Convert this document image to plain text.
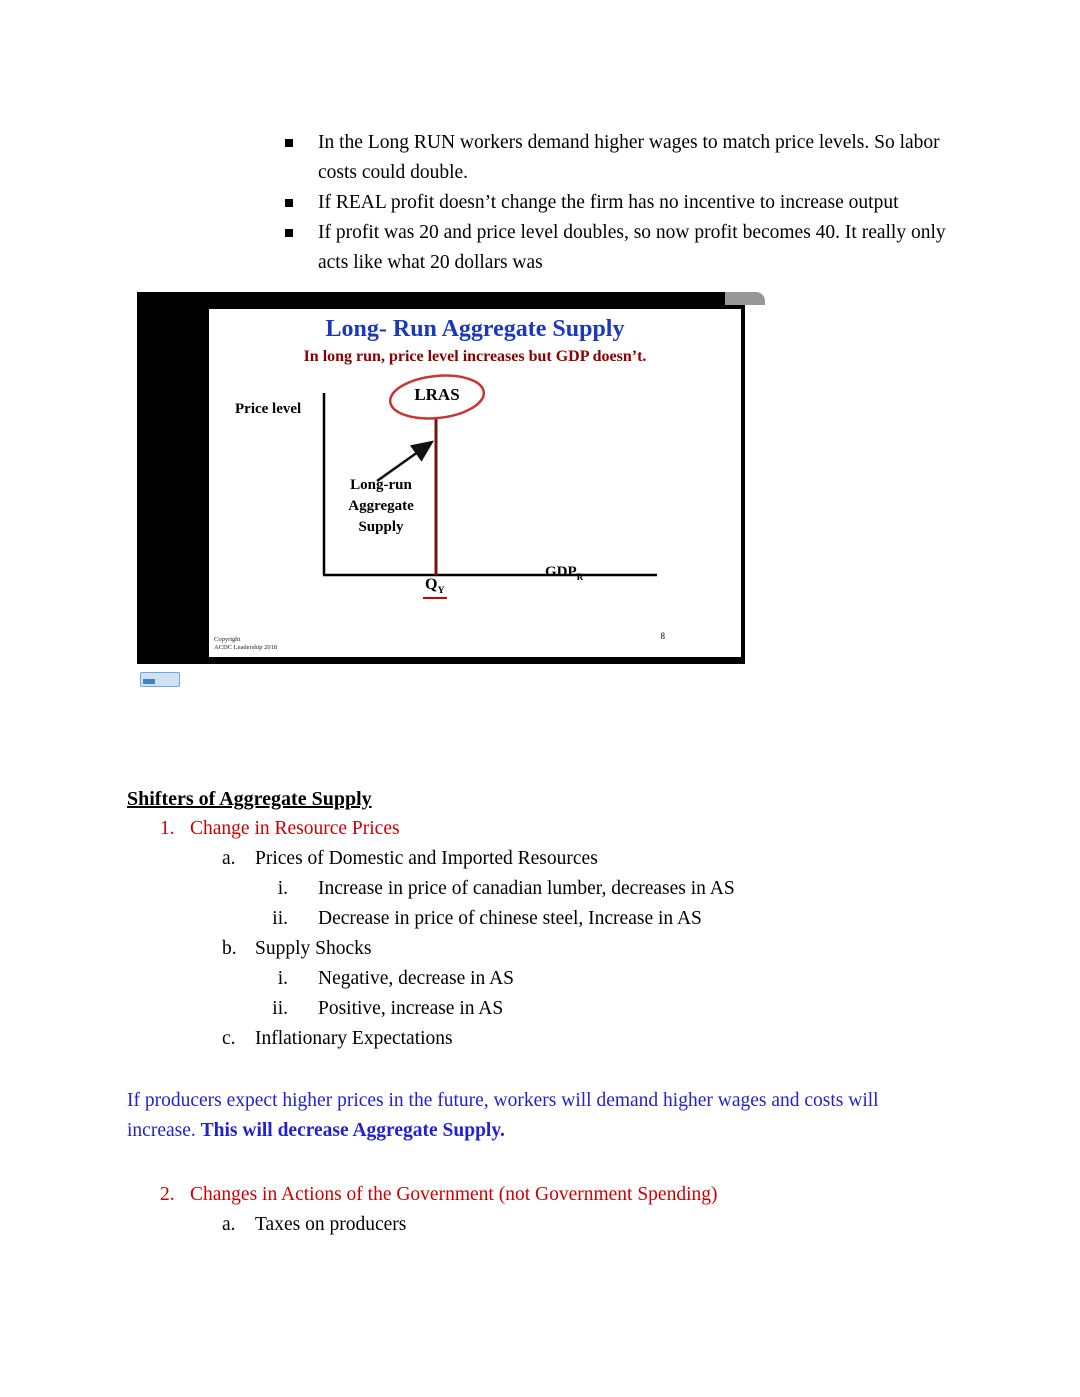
In the Long RUN workers demand higher wages to match price levels. So labor costs could double.
If REAL profit doesn’t change the firm has no incentive to increase output
If profit was 20 and price level doubles, so now profit becomes 40. It really only acts like what 20 dollars was
Long- Run Aggregate Supply
In long run, price level increases but GDP doesn’t.
Price level
LRAS
Long-run
Aggregate
Supply
$Q_Y$
$GDP_R$
Copyright
ACDC Leadership 2018
8
Shifters of Aggregate Supply
1. Change in Resource Prices
a. Prices of Domestic and Imported Resources
i. Increase in price of canadian lumber, decreases in AS
ii. Decrease in price of chinese steel, Increase in AS
b. Supply Shocks
i. Negative, decrease in AS
ii. Positive, increase in AS
c. Inflationary Expectations

If producers expect higher prices in the future, workers will demand higher wages and costs will increase. This will decrease Aggregate Supply.

2. Changes in Actions of the Government (not Government Spending)
a. Taxes on producers
